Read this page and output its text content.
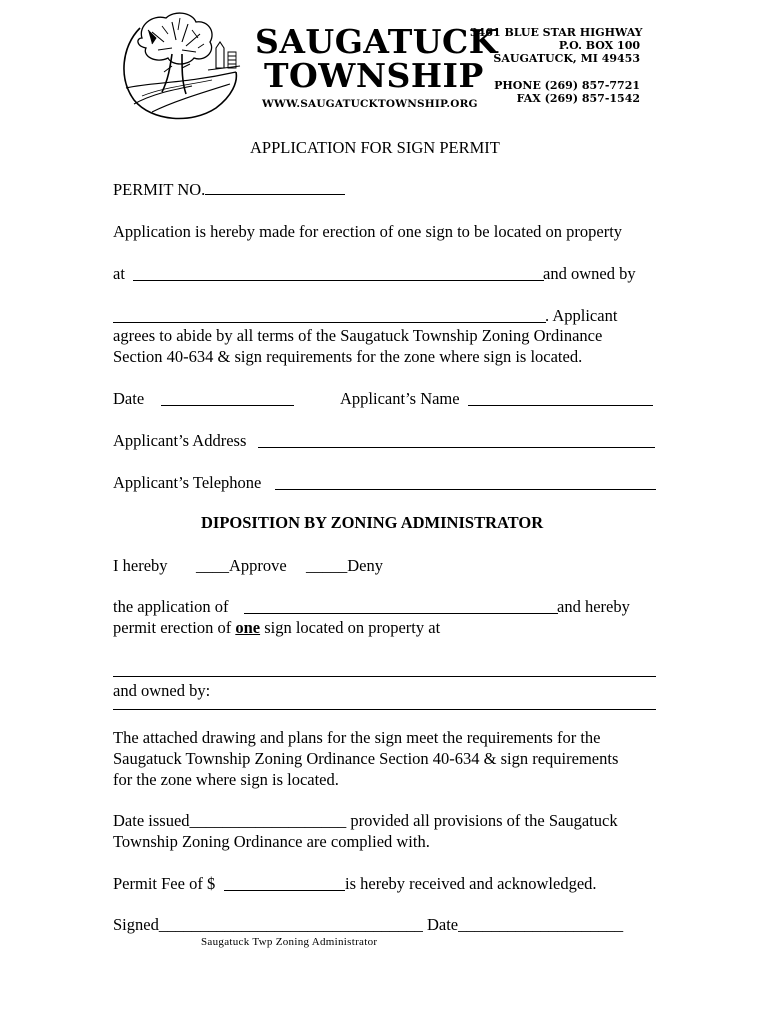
SAUGATUCK
TOWNSHIP
WWW.SAUGATUCKTOWNSHIP.ORG
3461 BLUE STAR HIGHWAY
P.O. BOX 100
SAUGATUCK, MI 49453
PHONE (269) 857-7721
FAX (269) 857-1542
APPLICATION FOR SIGN PERMIT
PERMIT NO.
Application is hereby made for erection of one sign to be located on property
at	and owned by
. Applicant
agrees to abide by all terms of the Saugatuck Township Zoning Ordinance
Section 40-634 & sign requirements for the zone where sign is located.
Date	Applicant’s Name
Applicant’s Address
Applicant’s Telephone
DIPOSITION BY ZONING ADMINISTRATOR
I hereby ____Approve _____Deny
the application of	and hereby
permit erection of one sign located on property at
and owned by:
The attached drawing and plans for the sign meet the requirements for the
Saugatuck Township Zoning Ordinance Section 40-634 & sign requirements
for the zone where sign is located.
Date issued___________________ provided all provisions of the Saugatuck
Township Zoning Ordinance are complied with.
Permit Fee of $	is hereby received and acknowledged.
Signed________________________________ Date____________________
Saugatuck Twp Zoning Administrator
